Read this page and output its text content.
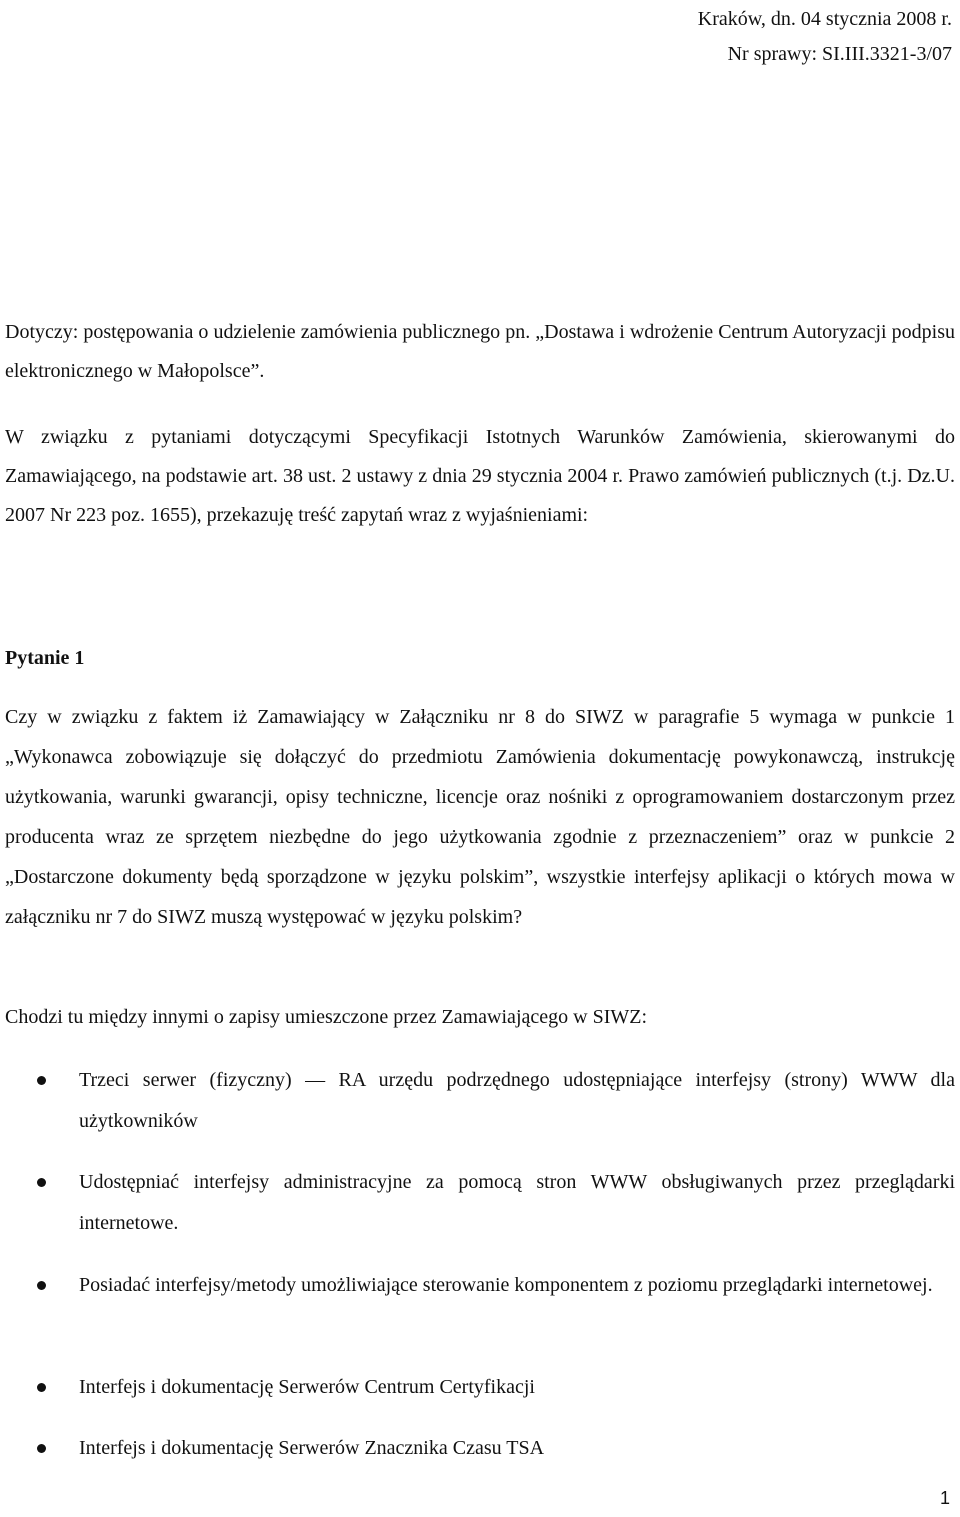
Kraków, dn. 04 stycznia 2008 r.
Nr sprawy: SI.III.3321-3/07

Dotyczy: postępowania o udzielenie zamówienia publicznego pn. „Dostawa i wdrożenie Centrum Autoryzacji podpisu elektronicznego w Małopolsce”.

W związku z pytaniami dotyczącymi Specyfikacji Istotnych Warunków Zamówienia, skierowanymi do Zamawiającego, na podstawie art. 38 ust. 2 ustawy z dnia 29 stycznia 2004 r. Prawo zamówień publicznych (t.j. Dz.U. 2007 Nr 223 poz. 1655), przekazuję treść zapytań wraz z wyjaśnieniami:

Pytanie 1

Czy w związku z faktem iż Zamawiający w Załączniku nr 8 do SIWZ w paragrafie 5 wymaga w punkcie 1 „Wykonawca zobowiązuje się dołączyć do przedmiotu Zamówienia dokumentację powykonawczą, instrukcję użytkowania, warunki gwarancji, opisy techniczne, licencje oraz nośniki z oprogramowaniem dostarczonym przez producenta wraz ze sprzętem niezbędne do jego użytkowania zgodnie z przeznaczeniem” oraz w punkcie 2 „Dostarczone dokumenty będą sporządzone w języku polskim”, wszystkie interfejsy aplikacji o których mowa w załączniku nr 7 do SIWZ muszą występować w języku polskim?

Chodzi tu między innymi o zapisy umieszczone przez Zamawiającego w SIWZ:

Trzeci serwer (fizyczny) — RA urzędu podrzędnego udostępniające interfejsy (strony) WWW dla użytkowników
Udostępniać interfejsy administracyjne za pomocą stron WWW obsługiwanych przez przeglądarki internetowe.
Posiadać interfejsy/metody umożliwiające sterowanie komponentem z poziomu przeglądarki internetowej.
Interfejs i dokumentację Serwerów Centrum Certyfikacji
Interfejs i dokumentację Serwerów Znacznika Czasu TSA
1
